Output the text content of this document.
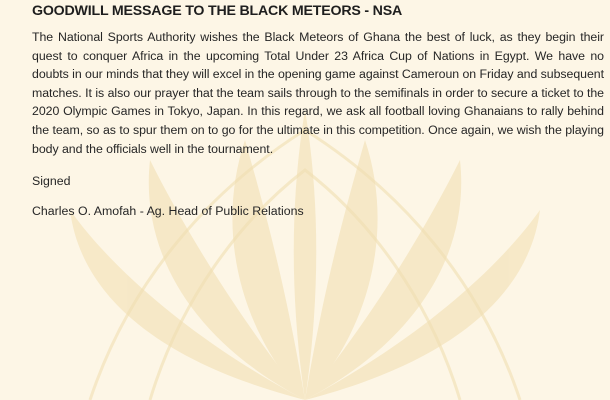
GOODWILL MESSAGE TO THE BLACK METEORS - NSA

The National Sports Authority wishes the Black Meteors of Ghana the best of luck, as they begin their quest to conquer Africa in the upcoming Total Under 23 Africa Cup of Nations in Egypt. We have no doubts in our minds that they will excel in the opening game against Cameroun on Friday and subsequent matches. It is also our prayer that the team sails through to the semifinals in order to secure a ticket to the 2020 Olympic Games in Tokyo, Japan. In this regard, we ask all football loving Ghanaians to rally behind the team, so as to spur them on to go for the ultimate in this competition. Once again, we wish the playing body and the officials well in the tournament.

Signed

Charles O. Amofah - Ag. Head of Public Relations
